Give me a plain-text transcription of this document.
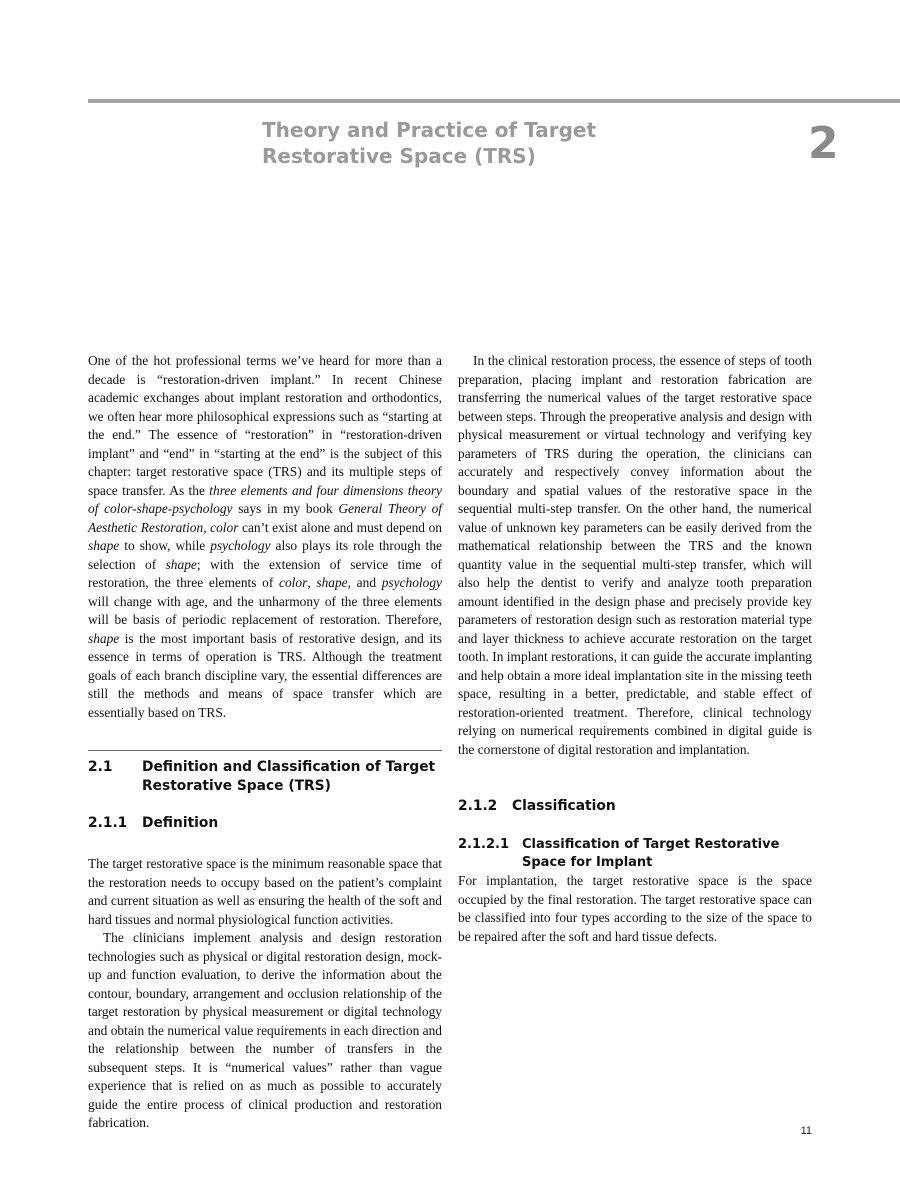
Theory and Practice of Target
Restorative Space (TRS)	2

One of the hot professional terms we’ve heard for more than a decade is “restoration-driven implant.” In recent Chinese academic exchanges about implant restoration and orthodontics, we often hear more philosophical expressions such as “starting at the end.” The essence of “restoration” in “restoration-driven implant” and “end” in “starting at the end” is the subject of this chapter: target restorative space (TRS) and its multiple steps of space transfer. As the three elements and four dimensions theory of color-shape-psychology says in my book General Theory of Aesthetic Restoration, color can’t exist alone and must depend on shape to show, while psychology also plays its role through the selection of shape; with the extension of service time of restoration, the three elements of color, shape, and psychology will change with age, and the unharmony of the three elements will be basis of periodic replacement of restoration. Therefore, shape is the most important basis of restorative design, and its essence in terms of operation is TRS. Although the treatment goals of each branch discipline vary, the essential differences are still the methods and means of space transfer which are essentially based on TRS.

2.1	Definition and Classification of Target Restorative Space (TRS)
2.1.1	Definition

The target restorative space is the minimum reasonable space that the restoration needs to occupy based on the patient’s complaint and current situation as well as ensuring the health of the soft and hard tissues and normal physiological function activities.

The clinicians implement analysis and design restoration technologies such as physical or digital restoration design, mock-up and function evaluation, to derive the information about the contour, boundary, arrangement and occlusion relationship of the target restoration by physical measurement or digital technology and obtain the numerical value requirements in each direction and the relationship between the number of transfers in the subsequent steps. It is “numerical values” rather than vague experience that is relied on as much as possible to accurately guide the entire process of clinical production and restoration fabrication.

In the clinical restoration process, the essence of steps of tooth preparation, placing implant and restoration fabrication are transferring the numerical values of the target restorative space between steps. Through the preoperative analysis and design with physical measurement or virtual technology and verifying key parameters of TRS during the operation, the clinicians can accurately and respectively convey information about the boundary and spatial values of the restorative space in the sequential multi-step transfer. On the other hand, the numerical value of unknown key parameters can be easily derived from the mathematical relationship between the TRS and the known quantity value in the sequential multi-step transfer, which will also help the dentist to verify and analyze tooth preparation amount identified in the design phase and precisely provide key parameters of restoration design such as restoration material type and layer thickness to achieve accurate restoration on the target tooth. In implant restorations, it can guide the accurate implanting and help obtain a more ideal implantation site in the missing teeth space, resulting in a better, predictable, and stable effect of restoration-oriented treatment. Therefore, clinical technology relying on numerical requirements combined in digital guide is the cornerstone of digital restoration and implantation.

2.1.2	Classification
2.1.2.1	Classification of Target Restorative Space for Implant

For implantation, the target restorative space is the space occupied by the final restoration. The target restorative space can be classified into four types according to the size of the space to be repaired after the soft and hard tissue defects.

11
